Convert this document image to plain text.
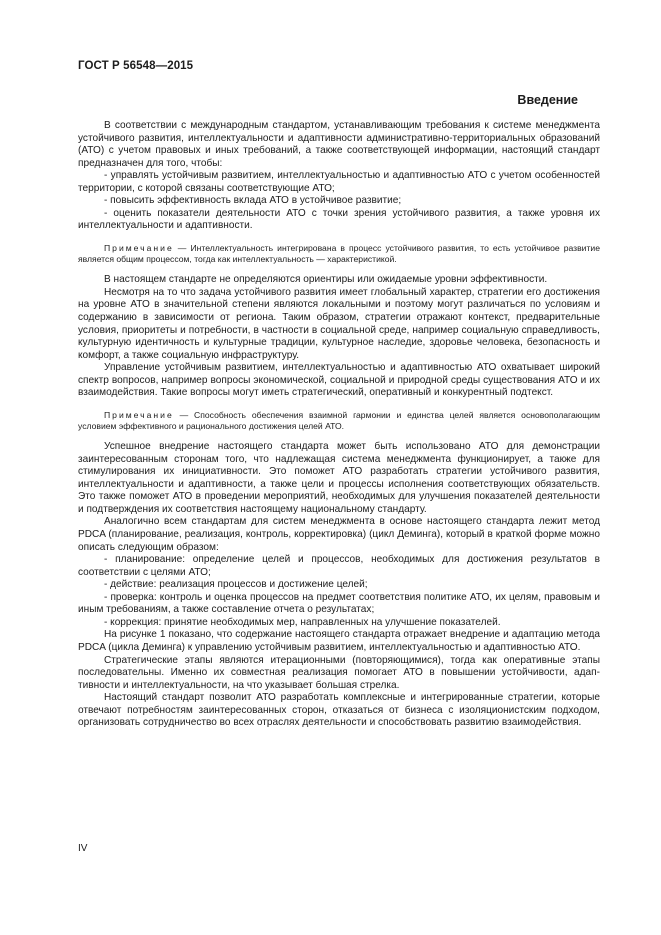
ГОСТ Р 56548—2015
Введение

В соответствии с международным стандартом, устанавливающим требования к системе менеджмента устойчивого развития, интеллектуальности и адаптивности административно-территориальных образований (АТО) с учетом правовых и иных требований, а также соответствующей информации, настоящий стандарт предназначен для того, чтобы:

- управлять устойчивым развитием, интеллектуальностью и адаптивностью АТО с учетом особенностей территории, с которой связаны соответствующие АТО;

- повысить эффективность вклада АТО в устойчивое развитие;

- оценить показатели деятельности АТО с точки зрения устойчивого развития, а также уровня их интеллектуальности и адаптивности.

Примечание — Интеллектуальность интегрирована в процесс устойчивого развития, то есть устойчивое развитие является общим процессом, тогда как интеллектуальность — характеристикой.

В настоящем стандарте не определяются ориентиры или ожидаемые уровни эффективности.

Несмотря на то что задача устойчивого развития имеет глобальный характер, стратегии его достижения на уровне АТО в значительной степени являются локальными и поэтому могут различаться по условиям и содержанию в зависимости от региона. Таким образом, стратегии отражают контекст, предварительные условия, приоритеты и потребности, в частности в социальной среде, например социальную справедливость, культурную идентичность и культурные традиции, культурное наследие, здоровье человека, безопасность и комфорт, а также социальную инфраструктуру.

Управление устойчивым развитием, интеллектуальностью и адаптивностью АТО охватывает широкий спектр вопросов, например вопросы экономической, социальной и природной среды существования АТО и их взаимодействия. Такие вопросы могут иметь стратегический, оперативный и конкурентный подтекст.

Примечание — Способность обеспечения взаимной гармонии и единства целей является основополагающим условием эффективного и рационального достижения целей АТО.

Успешное внедрение настоящего стандарта может быть использовано АТО для демонстрации заинтересованным сторонам того, что надлежащая система менеджмента функционирует, а также для стимулирования их инициативности. Это поможет АТО разработать стратегии устойчивого развития, интеллектуальности и адаптивности, а также цели и процессы исполнения соответствующих обязательств. Это также поможет АТО в проведении мероприятий, необходимых для улучшения показателей деятельности и подтверждения их соответствия настоящему национальному стандарту.

Аналогично всем стандартам для систем менеджмента в основе настоящего стандарта лежит метод PDCA (планирование, реализация, контроль, корректировка) (цикл Деминга), который в краткой форме можно описать следующим образом:

- планирование: определение целей и процессов, необходимых для достижения результатов в соответствии с целями АТО;

- действие: реализация процессов и достижение целей;

- проверка: контроль и оценка процессов на предмет соответствия политике АТО, их целям, правовым и иным требованиям, а также составление отчета о результатах;

- коррекция: принятие необходимых мер, направленных на улучшение показателей.

На рисунке 1 показано, что содержание настоящего стандарта отражает внедрение и адаптацию метода PDCA (цикла Деминга) к управлению устойчивым развитием, интеллектуальностью и адаптивностью АТО.

Стратегические этапы являются итерационными (повторяющимися), тогда как оперативные этапы последовательны. Именно их совместная реализация помогает АТО в повышении устойчивости, адаптивности и интеллектуальности, на что указывает большая стрелка.

Настоящий стандарт позволит АТО разработать комплексные и интегрированные стратегии, которые отвечают потребностям заинтересованных сторон, отказаться от бизнеса с изоляционистским подходом, организовать сотрудничество во всех отраслях деятельности и способствовать развитию взаимодействия.

IV
